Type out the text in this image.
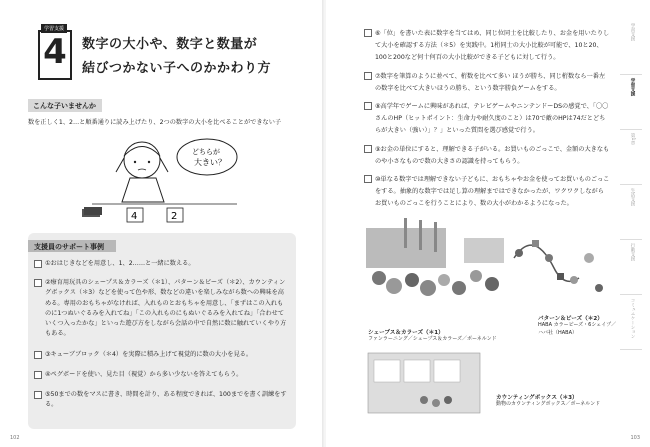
学習支援
4	数字の大小や、数字と数量が
結びつかない子へのかかわり方
こんな子いませんか
数を正しく1、2…と順番通りに読み上げたり、2つの数字の大小を比べることができない子
どちらが
大きい？
4	2
支援員のサポート事例
①おはじきなどを用意し、1、2……と一緒に数える。
②療育用玩具のシェープス＆カラーズ（＊1）、パターン＆ビーズ（＊2）、カウンティングボックス（＊3）などを使って色や形、数などの違いを楽しみながら数への興味を高める。専用のおもちゃがなければ、入れものとおもちゃを用意し、「まずはこの入れものに1つぬいぐるみを入れてね」「この入れものにもぬいぐるみを入れてね」「合わせていくつ入ったかな」といった遊び方をしながら会話の中で自然に数に触れていくやり方もある。
③キューブブロック（＊4）を実際に積み上げて視覚的に数の大小を見る。
④ペグボードを使い、見た目（視覚）から多い少ないを答えてもらう。
⑤50までの数をマスに書き、時間を計り、ある程度できれば、100までを書く訓練をする。
102
⑥「位」を書いた表に数字を当てはめ、同じ位同士を比較したり、お金を用いたりして大小を確認する方法（＊5）を実践中。1桁同士の大小比較が可能で、10と20、100と200など何十何百の大小比較ができる子どもに対して行う。
⑦数字を筆算のように並べて、桁数を比べて多い ほうが勝ち、同じ桁数なら一番左の数字を比べて大きいほうの勝ち、という数字勝負ゲームをする。
⑧高学年でゲームに興味があれば、テレビゲームやニンテンドーDSの感覚で、「〇〇さんのHP（ヒットポイント：生命力や耐久度のこと）は70で敵のHPは74だとどちらが大きい（強い）」？」といった質問を選び感覚で行う。
⑨お金の単位にすると、理解できる子がいる。お買いものごっこで、金額の大きなものや小さなもので数の大きさの認識を持ってもらう。
⑩単なる数字では理解できない子どもに、おもちゃやお金を使ってお買いものごっこをする。抽象的な数字では足し算の理解まではできなかったが、ワクワクしながらお買いものごっこを行うことにより、数の大小がわかるようになった。
シェープス＆カラーズ（＊1）
ファンラーニング／シェープス＆カラーズ／ボーネルンド
パターン＆ビーズ（＊2）
HABA カラービーズ・6シェイプ／ハバ社（HABA）
カウンティングボックス（＊3）
動物のカウンティングボックス／ボーネルンド
学習支援
学習支援
第1章
生活支援
行動支援
コミュニケーション
103
